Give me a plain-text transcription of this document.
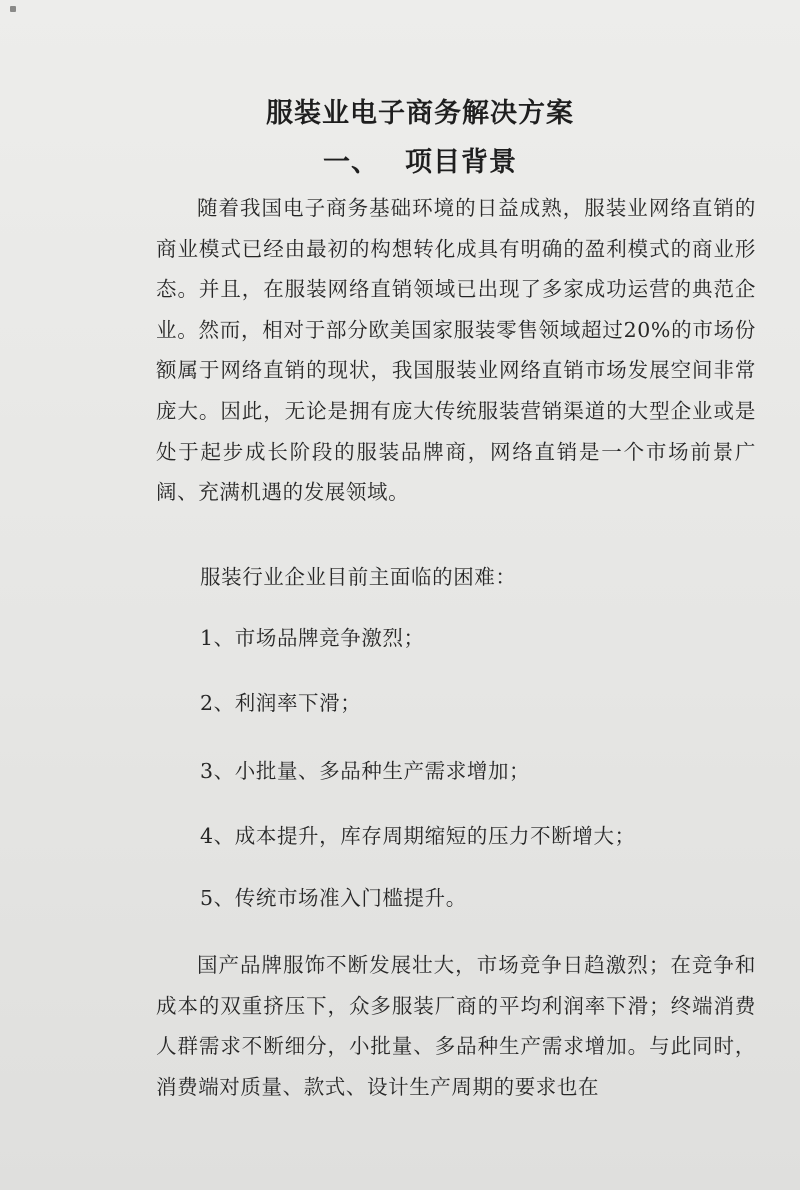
服装业电子商务解决方案
一、 项目背景
随着我国电子商务基础环境的日益成熟，服装业网络直销的商业模式已经由最初的构想转化成具有明确的盈利模式的商业形态。并且，在服装网络直销领域已出现了多家成功运营的典范企业。然而，相对于部分欧美国家服装零售领域超过20%的市场份额属于网络直销的现状，我国服装业网络直销市场发展空间非常庞大。因此，无论是拥有庞大传统服装营销渠道的大型企业或是处于起步成长阶段的服装品牌商，网络直销是一个市场前景广阔、充满机遇的发展领域。
服装行业企业目前主面临的困难：
1、市场品牌竞争激烈；
2、利润率下滑；
3、小批量、多品种生产需求增加；
4、成本提升，库存周期缩短的压力不断增大；
5、传统市场准入门槛提升。
国产品牌服饰不断发展壮大，市场竞争日趋激烈；在竞争和成本的双重挤压下，众多服装厂商的平均利润率下滑；终端消费人群需求不断细分，小批量、多品种生产需求增加。与此同时，消费端对质量、款式、设计生产周期的要求也在
